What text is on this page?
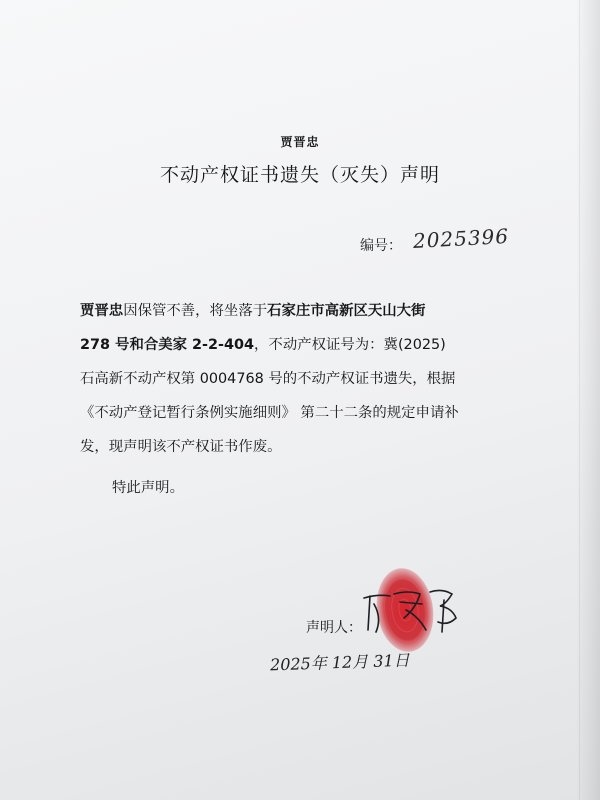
贾晋忠
不动产权证书遗失（灭失）声明
编号： 2025396
贾晋忠因保管不善，将坐落于石家庄市高新区天山大街 278 号和合美家 2-2-404，不动产权证号为：冀(2025)石高新不动产权第 0004768 号的不动产权证书遗失，根据《不动产登记暂行条例实施细则》 第二十二条的规定申请补发，现声明该不产权证书作废。
特此声明。
声明人：
2025年 12月 31日
